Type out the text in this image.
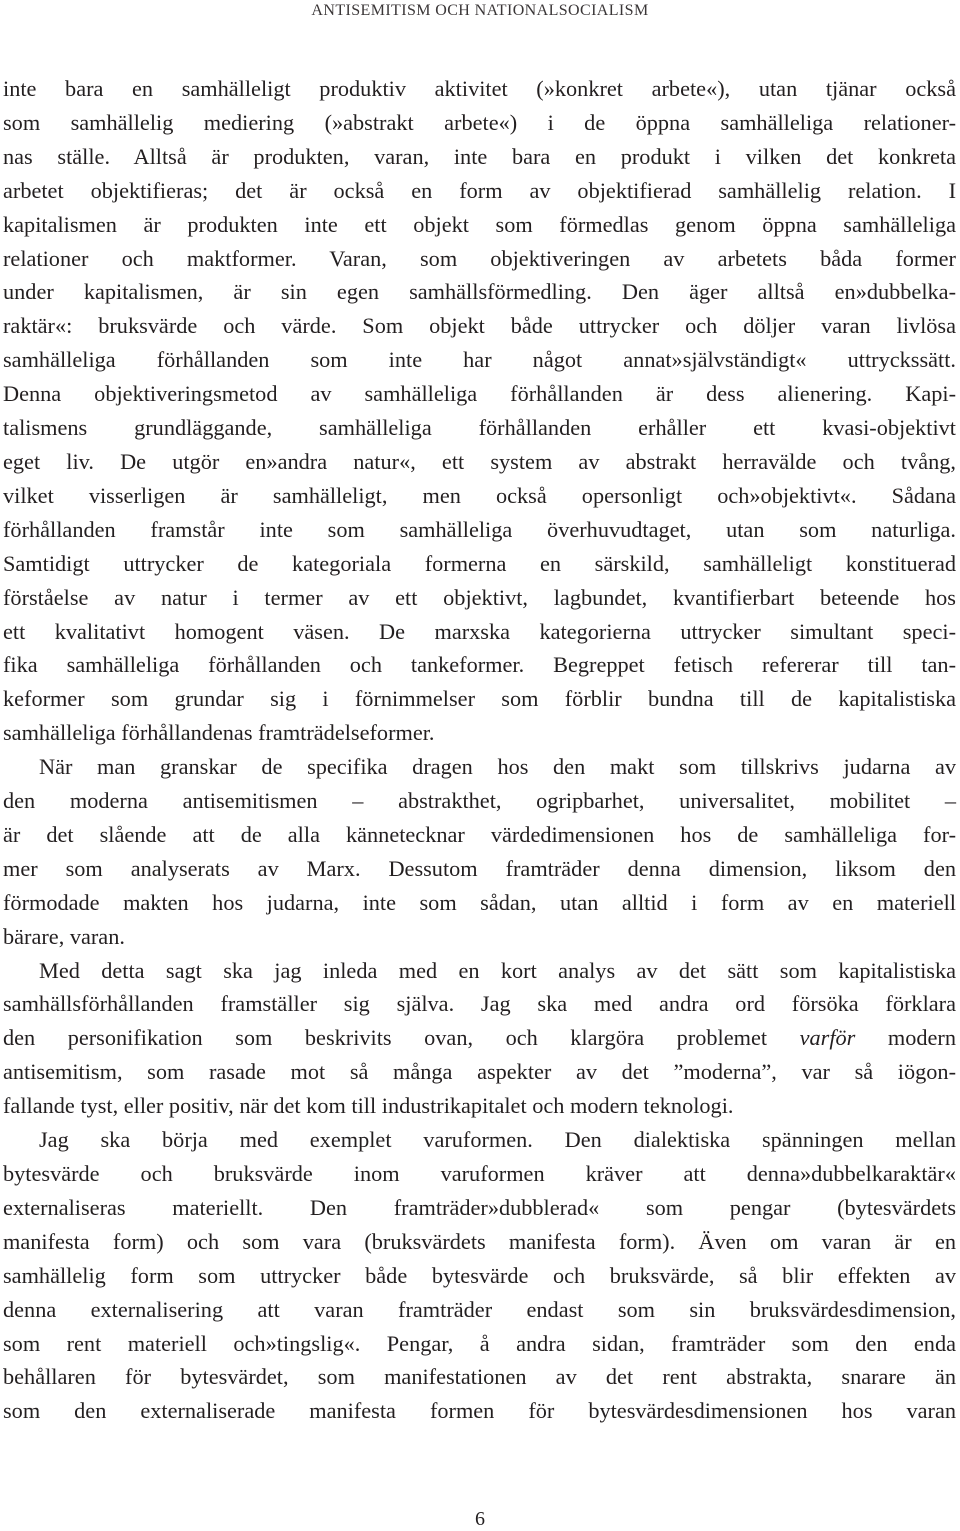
ANTISEMITISM OCH NATIONALSOCIALISM
inte bara en samhälleligt produktiv aktivitet (»konkret arbete«), utan tjänar också
som samhällelig mediering (»abstrakt arbete«) i de öppna samhälleliga relationer-
nas ställe. Alltså är produkten, varan, inte bara en produkt i vilken det konkreta
arbetet objektifieras; det är också en form av objektifierad samhällelig relation. I
kapitalismen är produkten inte ett objekt som förmedlas genom öppna samhälleliga
relationer och maktformer. Varan, som objektiveringen av arbetets båda former
under kapitalismen, är sin egen samhällsförmedling. Den äger alltså en»dubbelka-
raktär«: bruksvärde och värde. Som objekt både uttrycker och döljer varan livlösa
samhälleliga förhållanden som inte har något annat»självständigt« uttryckssätt.
Denna objektiveringsmetod av samhälleliga förhållanden är dess alienering. Kapi-
talismens grundläggande, samhälleliga förhållanden erhåller ett kvasi-objektivt
eget liv. De utgör en»andra natur«, ett system av abstrakt herravälde och tvång,
vilket visserligen är samhälleligt, men också opersonligt och»objektivt«. Sådana
förhållanden framstår inte som samhälleliga överhuvudtaget, utan som naturliga.
Samtidigt uttrycker de kategoriala formerna en särskild, samhälleligt konstituerad
förståelse av natur i termer av ett objektivt, lagbundet, kvantifierbart beteende hos
ett kvalitativt homogent väsen. De marxska kategorierna uttrycker simultant speci-
fika samhälleliga förhållanden och tankeformer. Begreppet fetisch refererar till tan-
keformer som grundar sig i förnimmelser som förblir bundna till de kapitalistiska
samhälleliga förhållandenas framträdelseformer.
När man granskar de specifika dragen hos den makt som tillskrivs judarna av
den moderna antisemitismen – abstrakthet, ogripbarhet, universalitet, mobilitet –
är det slående att de alla kännetecknar värdedimensionen hos de samhälleliga for-
mer som analyserats av Marx. Dessutom framträder denna dimension, liksom den
förmodade makten hos judarna, inte som sådan, utan alltid i form av en materiell
bärare, varan.
Med detta sagt ska jag inleda med en kort analys av det sätt som kapitalistiska
samhällsförhållanden framställer sig själva. Jag ska med andra ord försöka förklara
den personifikation som beskrivits ovan, och klargöra problemet varför modern
antisemitism, som rasade mot så många aspekter av det ”moderna”, var så iögon-
fallande tyst, eller positiv, när det kom till industrikapitalet och modern teknologi.
Jag ska börja med exemplet varuformen. Den dialektiska spänningen mellan
bytesvärde och bruksvärde inom varuformen kräver att denna»dubbelkaraktär«
externaliseras materiellt. Den framträder»dubblerad« som pengar (bytesvärdets
manifesta form) och som vara (bruksvärdets manifesta form). Även om varan är en
samhällelig form som uttrycker både bytesvärde och bruksvärde, så blir effekten av
denna externalisering att varan framträder endast som sin bruksvärdesdimension,
som rent materiell och»tingslig«. Pengar, å andra sidan, framträder som den enda
behållaren för bytesvärdet, som manifestationen av det rent abstrakta, snarare än
som den externaliserade manifesta formen för bytesvärdesdimensionen hos varan
6
